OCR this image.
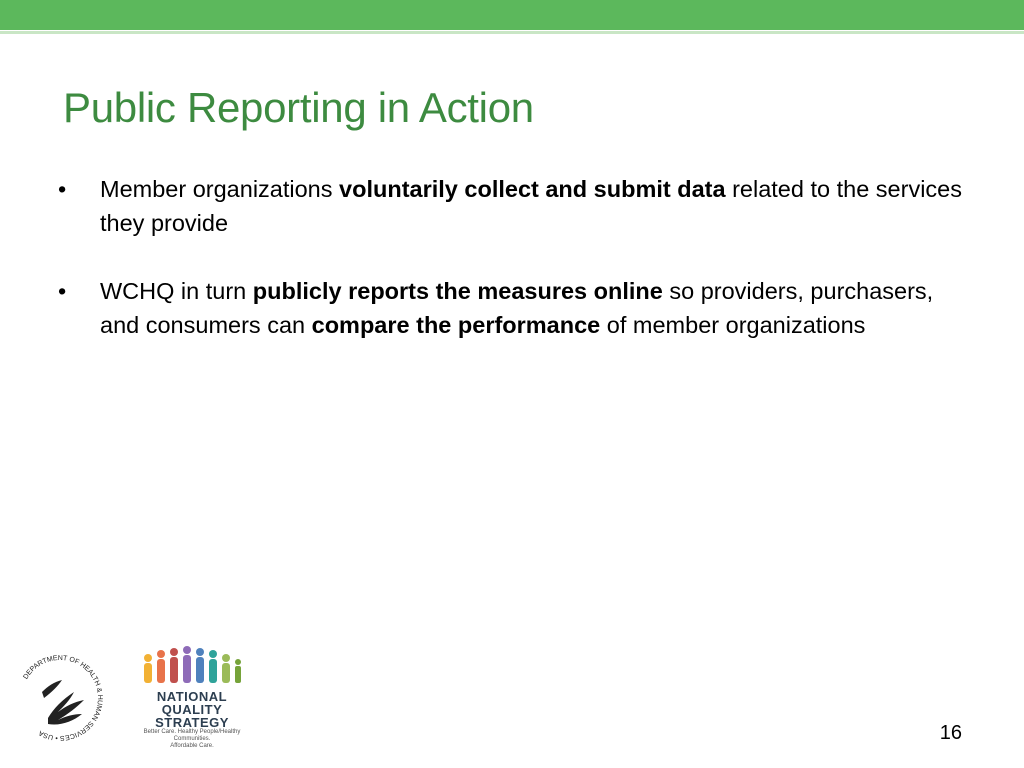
Public Reporting in Action
• Member organizations voluntarily collect and submit data related to the services they provide
• WCHQ in turn publicly reports the measures online so providers, purchasers, and consumers can compare the performance of member organizations
DEPARTMENT OF HEALTH & HUMAN SERVICES • USA
NATIONAL
QUALITY
STRATEGY
Better Care. Healthy People/Healthy Communities.
Affordable Care.
16
